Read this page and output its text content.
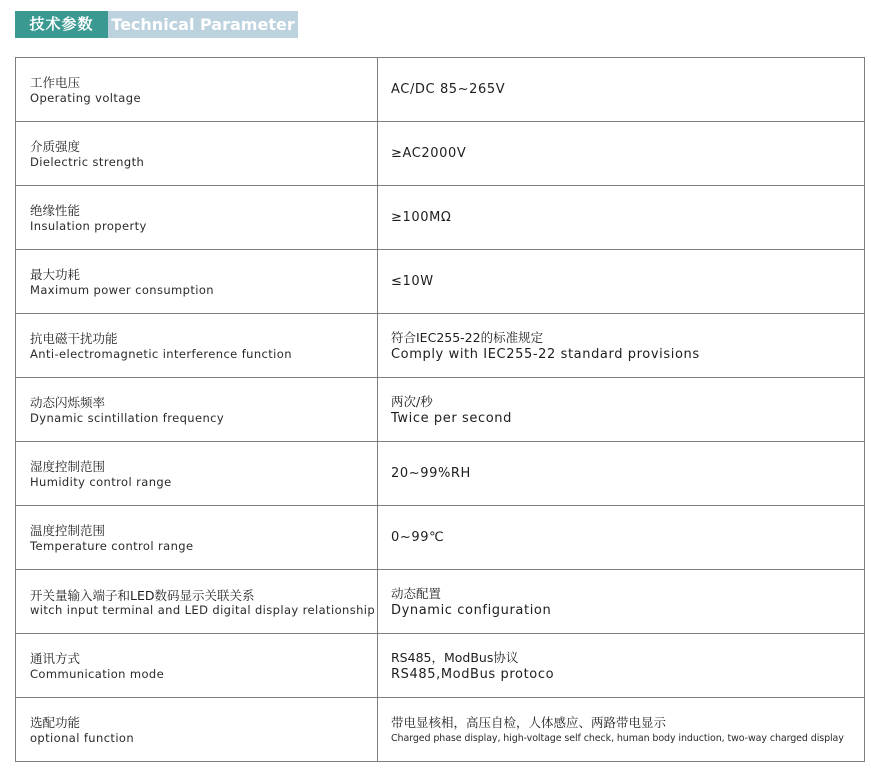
技术参数	Technical Parameter
工作电压
Operating voltage	AC/DC 85~265V

介质强度
Dielectric strength	≥AC2000V

绝缘性能
Insulation property	≥100MΩ

最大功耗
Maximum power consumption	≤10W

抗电磁干扰功能
Anti-electromagnetic interference function	符合IEC255-22的标准规定
Comply with IEC255-22 standard provisions

动态闪烁频率
Dynamic scintillation frequency	两次/秒
Twice per second

湿度控制范围
Humidity control range	20~99%RH

温度控制范围
Temperature control range	0~99℃

开关量输入端子和LED数码显示关联关系
witch input terminal and LED digital display relationship	动态配置
Dynamic configuration

通讯方式
Communication mode	RS485，ModBus协议
RS485,ModBus protoco

选配功能
optional function	带电显核相，高压自检，人体感应、两路带电显示
Charged phase display, high-voltage self check, human body induction, two-way charged display
